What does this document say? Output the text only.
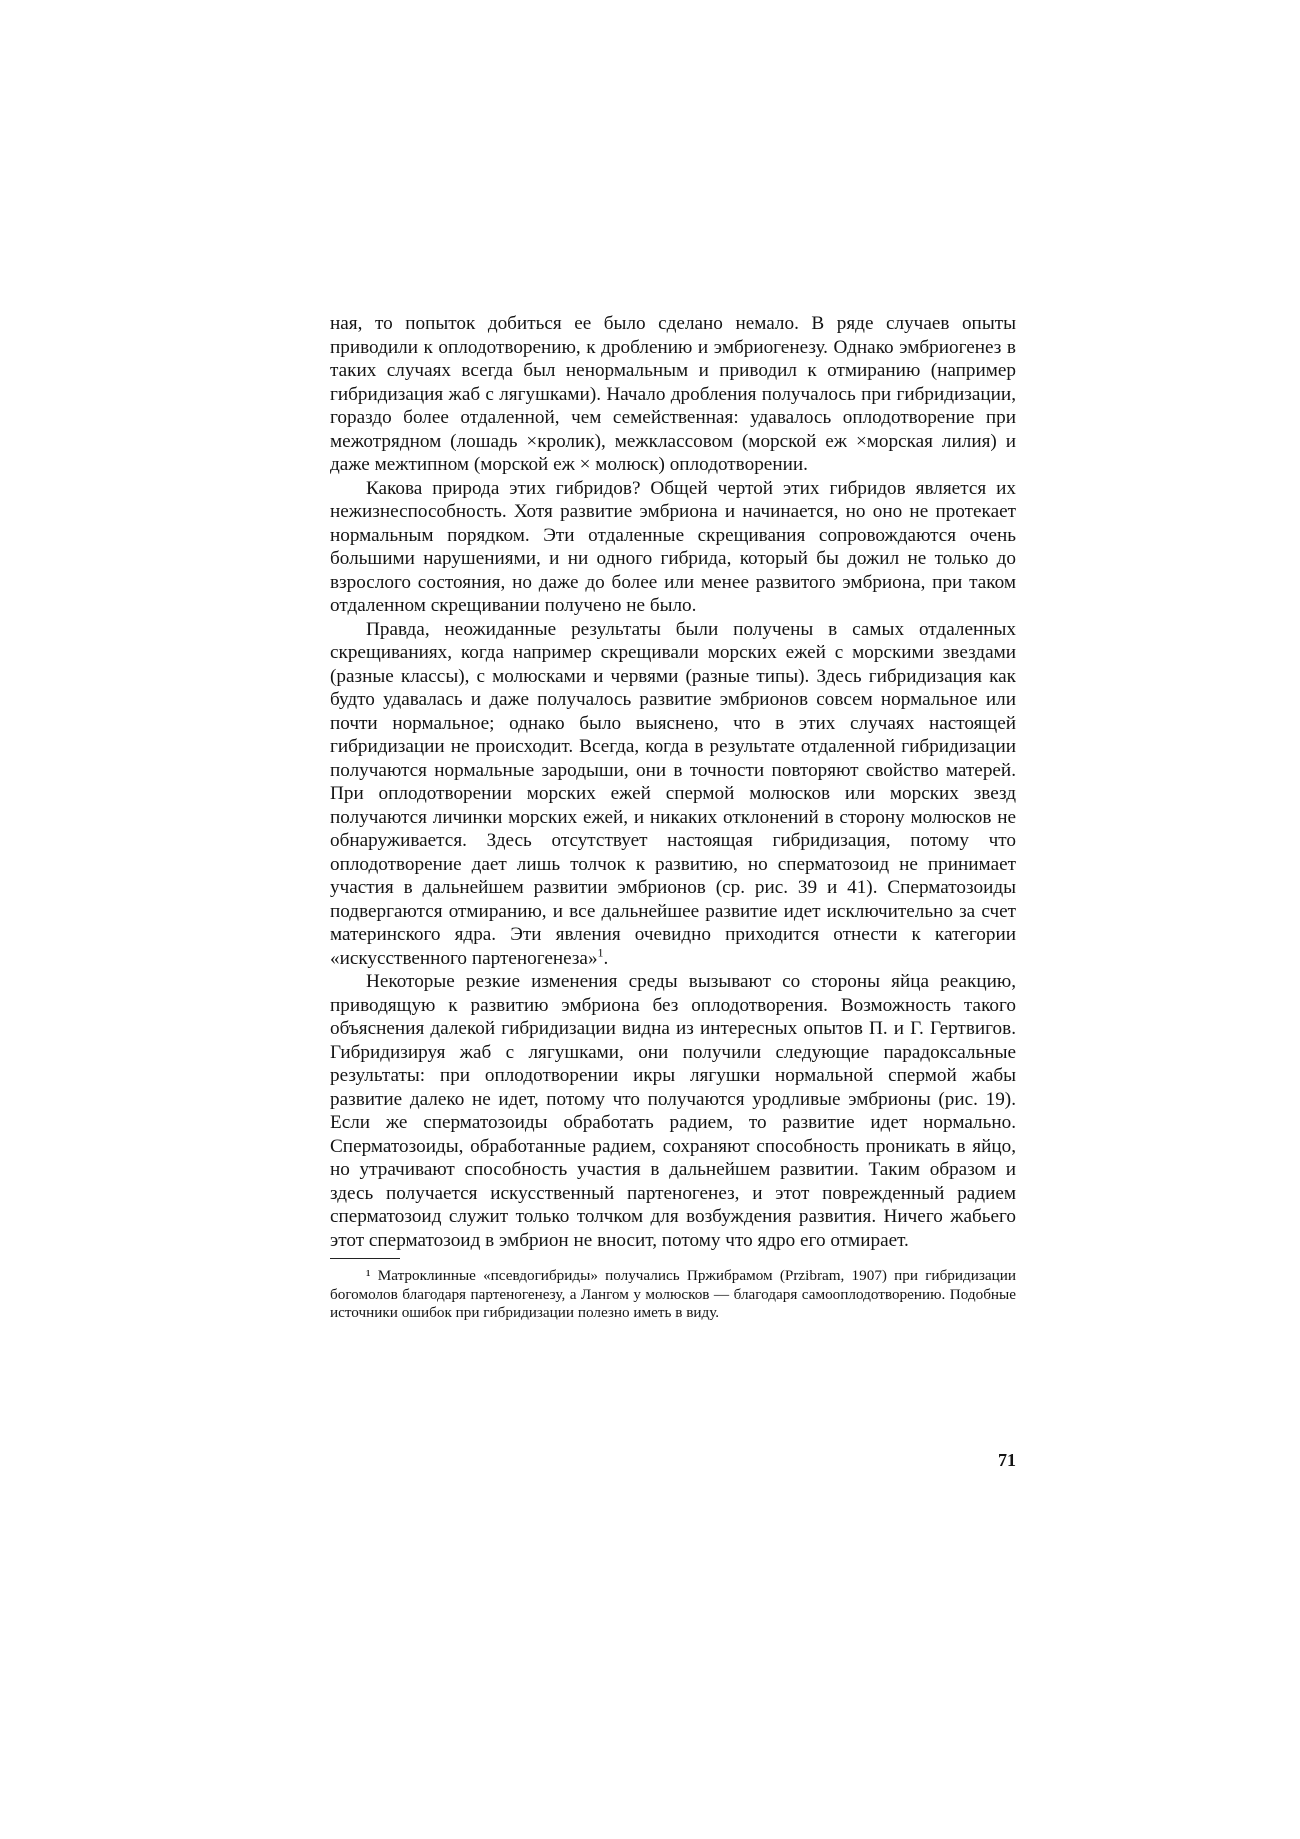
ная, то попыток добиться ее было сделано немало. В ряде случаев опыты приводили к оплодотворению, к дроблению и эмбриогенезу. Однако эмбриогенез в таких случаях всегда был ненормальным и приводил к отмиранию (например гибридизация жаб с лягушками). Начало дробления получалось при гибридизации, гораздо более отдаленной, чем семейственная: удавалось оплодотворение при межотрядном (лошадь ×кролик), межклассовом (морской еж ×морская лилия) и даже межтипном (морской еж × молюск) оплодотворении.

Какова природа этих гибридов? Общей чертой этих гибридов является их нежизнеспособность. Хотя развитие эмбриона и начинается, но оно не протекает нормальным порядком. Эти отдаленные скрещивания сопровождаются очень большими нарушениями, и ни одного гибрида, который бы дожил не только до взрослого состояния, но даже до более или менее развитого эмбриона, при таком отдаленном скрещивании получено не было.

Правда, неожиданные результаты были получены в самых отдаленных скрещиваниях, когда например скрещивали морских ежей с морскими звездами (разные классы), с молюсками и червями (разные типы). Здесь гибридизация как будто удавалась и даже получалось развитие эмбрионов совсем нормальное или почти нормальное; однако было выяснено, что в этих случаях настоящей гибридизации не происходит. Всегда, когда в результате отдаленной гибридизации получаются нормальные зародыши, они в точности повторяют свойство матерей. При оплодотворении морских ежей спермой молюсков или морских звезд получаются личинки морских ежей, и никаких отклонений в сторону молюсков не обнаруживается. Здесь отсутствует настоящая гибридизация, потому что оплодотворение дает лишь толчок к развитию, но сперматозоид не принимает участия в дальнейшем развитии эмбрионов (ср. рис. 39 и 41). Сперматозоиды подвергаются отмиранию, и все дальнейшее развитие идет исключительно за счет материнского ядра. Эти явления очевидно приходится отнести к категории «искусственного партеногенеза»$^1$.

Некоторые резкие изменения среды вызывают со стороны яйца реакцию, приводящую к развитию эмбриона без оплодотворения. Возможность такого объяснения далекой гибридизации видна из интересных опытов П. и Г. Гертвигов. Гибридизируя жаб с лягушками, они получили следующие парадоксальные результаты: при оплодотворении икры лягушки нормальной спермой жабы развитие далеко не идет, потому что получаются уродливые эмбрионы (рис. 19). Если же сперматозоиды обработать радием, то развитие идет нормально. Сперматозоиды, обработанные радием, сохраняют способность проникать в яйцо, но утрачивают способность участия в дальнейшем развитии. Таким образом и здесь получается искусственный партеногенез, и этот поврежденный радием сперматозоид служит только толчком для возбуждения развития. Ничего жабьего этот сперматозоид в эмбрион не вносит, потому что ядро его отмирает.

¹ Матроклинные «псевдогибриды» получались Пржибрамом (Przibram, 1907) при гибридизации богомолов благодаря партеногенезу, а Лангом у молюсков — благодаря самооплодотворению. Подобные источники ошибок при гибридизации полезно иметь в виду.

71
